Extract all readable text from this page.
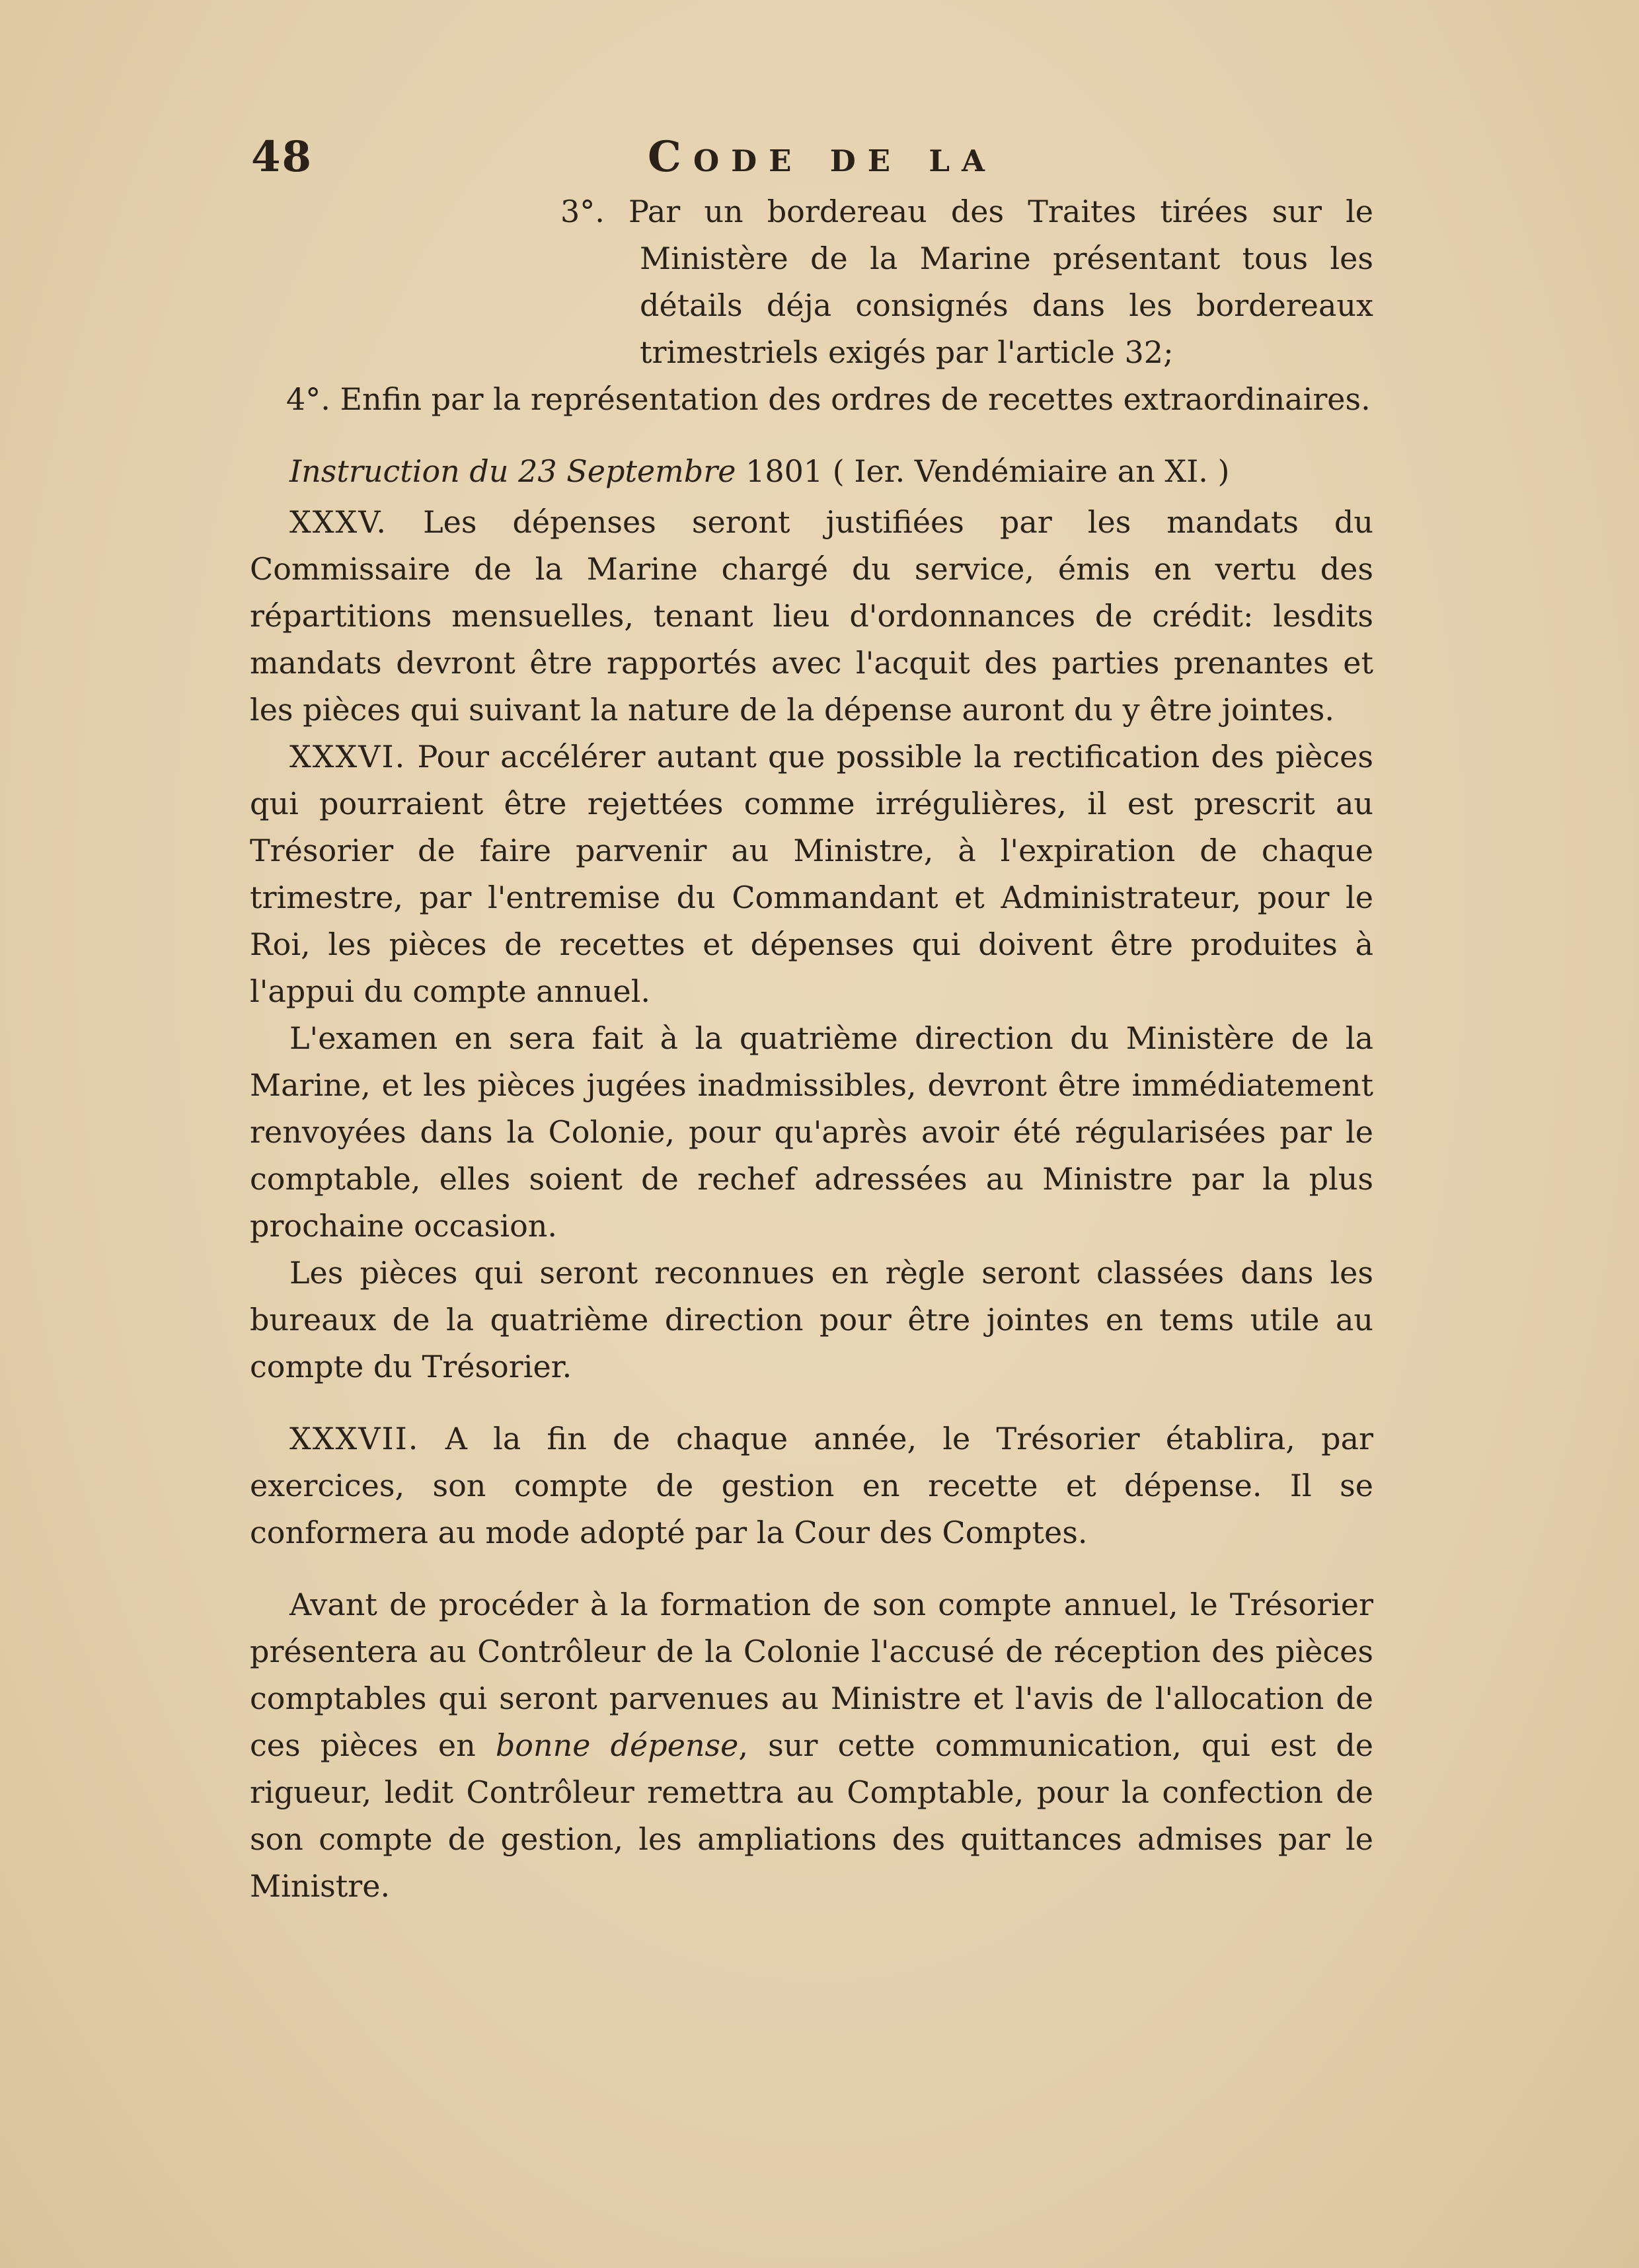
48	Code de la

3°. Par un bordereau des Traites tirées sur le Ministère de la Marine présentant tous les détails déja consignés dans les bordereaux trimestriels exigés par l'article 32;

4°. Enfin par la représentation des ordres de recettes extraordinaires.

Instruction du 23 Septembre 1801 ( Ier. Vendémiaire an XI. )

XXXV. Les dépenses seront justifiées par les mandats du Commissaire de la Marine chargé du service, émis en vertu des répartitions mensuelles, tenant lieu d'ordonnances de crédit: lesdits mandats devront être rapportés avec l'acquit des parties prenantes et les pièces qui suivant la nature de la dépense auront du y être jointes.

XXXVI. Pour accélérer autant que possible la rectification des pièces qui pourraient être rejettées comme irrégulières, il est prescrit au Trésorier de faire parvenir au Ministre, à l'expiration de chaque trimestre, par l'entremise du Commandant et Administrateur, pour le Roi, les pièces de recettes et dépenses qui doivent être produites à l'appui du compte annuel.

L'examen en sera fait à la quatrième direction du Ministère de la Marine, et les pièces jugées inadmissibles, devront être immédiatement renvoyées dans la Colonie, pour qu'après avoir été régularisées par le comptable, elles soient de rechef adressées au Ministre par la plus prochaine occasion.

Les pièces qui seront reconnues en règle seront classées dans les bureaux de la quatrième direction pour être jointes en tems utile au compte du Trésorier.

XXXVII. A la fin de chaque année, le Trésorier établira, par exercices, son compte de gestion en recette et dépense. Il se conformera au mode adopté par la Cour des Comptes.

Avant de procéder à la formation de son compte annuel, le Trésorier présentera au Contrôleur de la Colonie l'accusé de réception des pièces comptables qui seront parvenues au Ministre et l'avis de l'allocation de ces pièces en bonne dépense, sur cette communication, qui est de rigueur, ledit Contrôleur remettra au Comptable, pour la confection de son compte de gestion, les ampliations des quittances admises par le Ministre.
